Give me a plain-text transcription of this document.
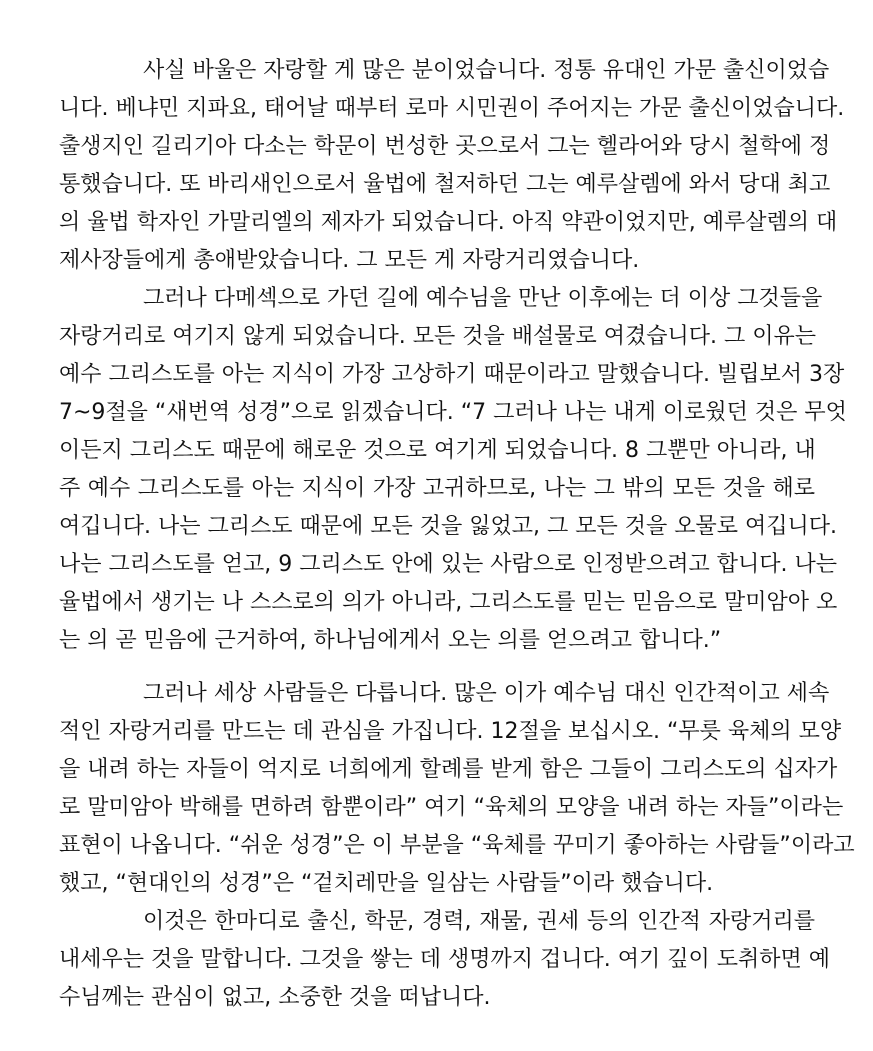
사실 바울은 자랑할 게 많은 분이었습니다. 정통 유대인 가문 출신이었습
니다. 베냐민 지파요, 태어날 때부터 로마 시민권이 주어지는 가문 출신이었습니다.
출생지인 길리기아 다소는 학문이 번성한 곳으로서 그는 헬라어와 당시 철학에 정
통했습니다. 또 바리새인으로서 율법에 철저하던 그는 예루살렘에 와서 당대 최고
의 율법 학자인 가말리엘의 제자가 되었습니다. 아직 약관이었지만, 예루살렘의 대
제사장들에게 총애받았습니다. 그 모든 게 자랑거리였습니다.
그러나 다메섹으로 가던 길에 예수님을 만난 이후에는 더 이상 그것들을
자랑거리로 여기지 않게 되었습니다. 모든 것을 배설물로 여겼습니다. 그 이유는
예수 그리스도를 아는 지식이 가장 고상하기 때문이라고 말했습니다. 빌립보서 3장
7~9절을 “새번역 성경”으로 읽겠습니다. “7 그러나 나는 내게 이로웠던 것은 무엇
이든지 그리스도 때문에 해로운 것으로 여기게 되었습니다. 8 그뿐만 아니라, 내
주 예수 그리스도를 아는 지식이 가장 고귀하므로, 나는 그 밖의 모든 것을 해로
여깁니다. 나는 그리스도 때문에 모든 것을 잃었고, 그 모든 것을 오물로 여깁니다.
나는 그리스도를 얻고, 9 그리스도 안에 있는 사람으로 인정받으려고 합니다. 나는
율법에서 생기는 나 스스로의 의가 아니라, 그리스도를 믿는 믿음으로 말미암아 오
는 의 곧 믿음에 근거하여, 하나님에게서 오는 의를 얻으려고 합니다.”
그러나 세상 사람들은 다릅니다. 많은 이가 예수님 대신 인간적이고 세속
적인 자랑거리를 만드는 데 관심을 가집니다. 12절을 보십시오. “무릇 육체의 모양
을 내려 하는 자들이 억지로 너희에게 할례를 받게 함은 그들이 그리스도의 십자가
로 말미암아 박해를 면하려 함뿐이라” 여기 “육체의 모양을 내려 하는 자들”이라는
표현이 나옵니다. “쉬운 성경”은 이 부분을 “육체를 꾸미기 좋아하는 사람들”이라고
했고, “현대인의 성경”은 “겉치레만을 일삼는 사람들”이라 했습니다.
이것은 한마디로 출신, 학문, 경력, 재물, 권세 등의 인간적 자랑거리를
내세우는 것을 말합니다. 그것을 쌓는 데 생명까지 겁니다. 여기 깊이 도취하면 예
수님께는 관심이 없고, 소중한 것을 떠납니다.
